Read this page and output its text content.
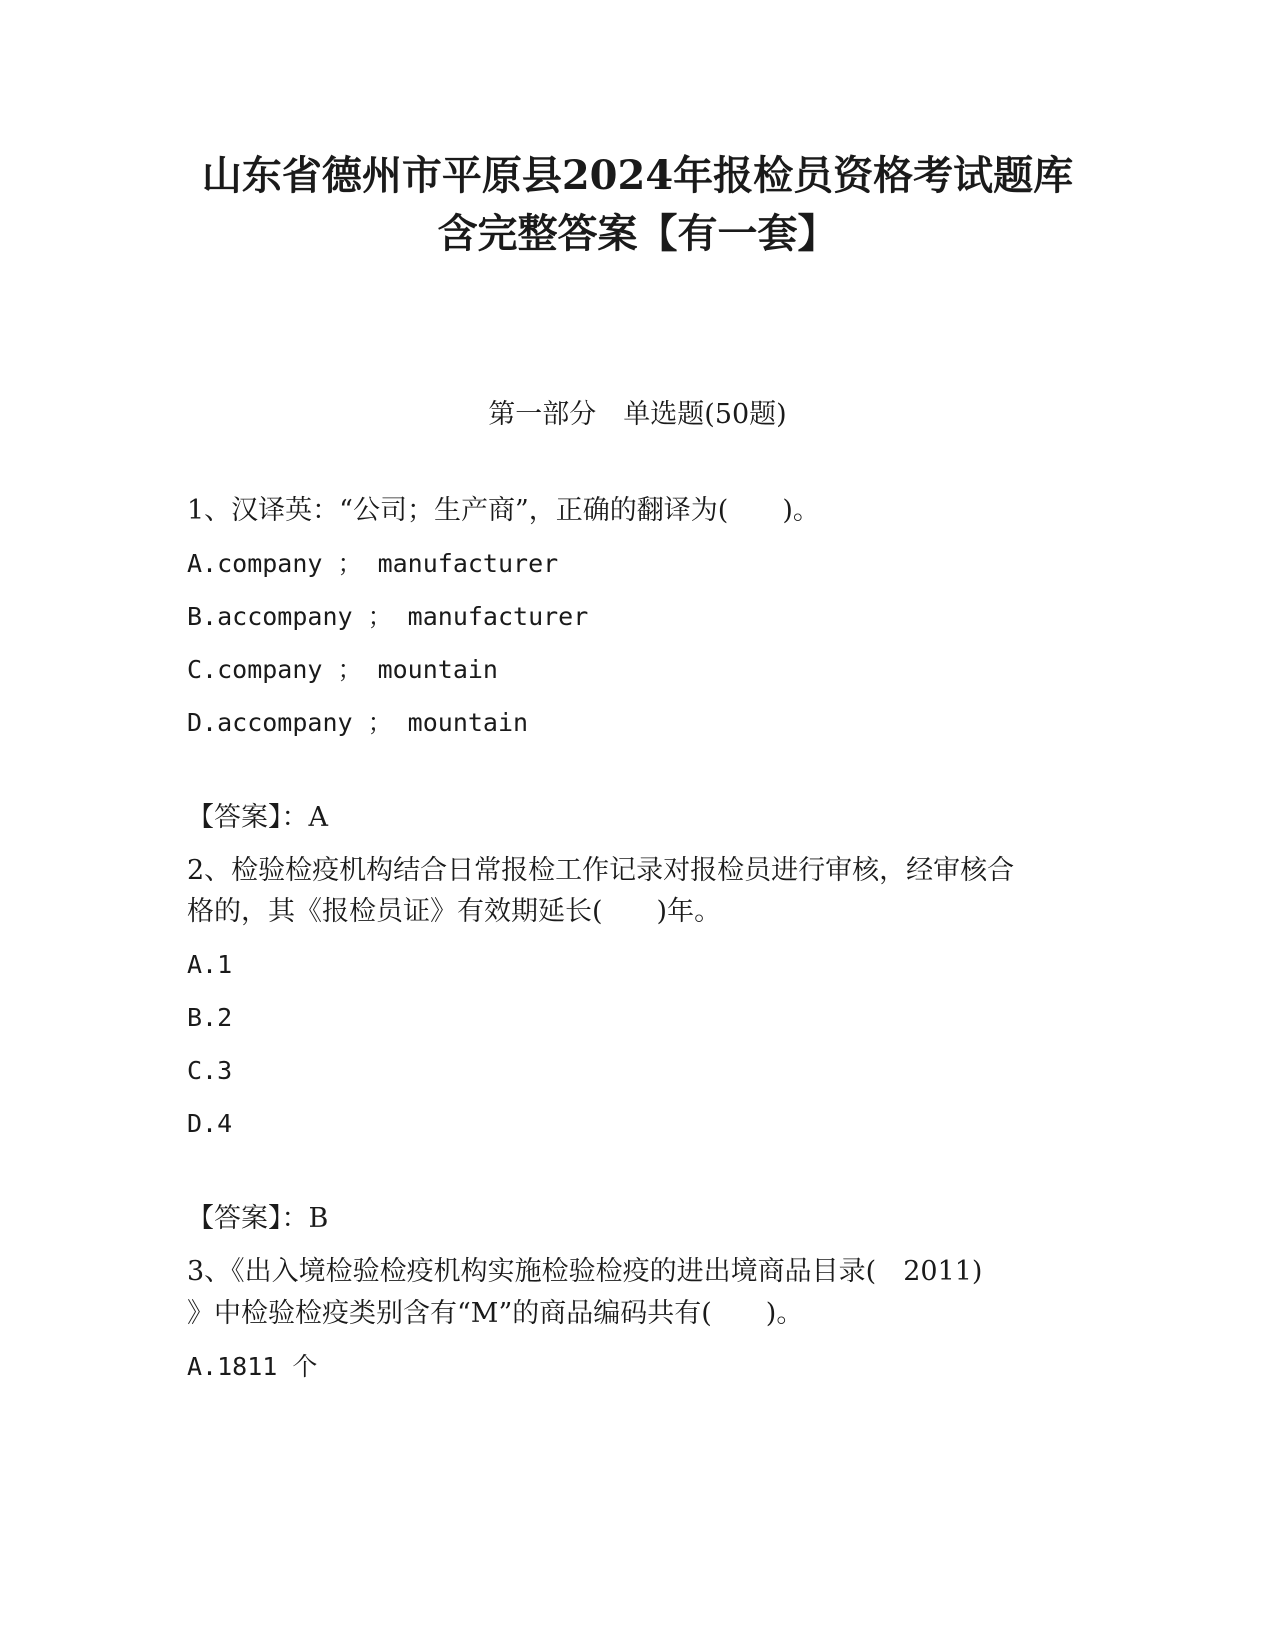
山东省德州市平原县2024年报检员资格考试题库
含完整答案【有一套】
第一部分　单选题(50题)
1、汉译英：“公司；生产商”，正确的翻译为(　　)。
A.company ； manufacturer
B.accompany ； manufacturer
C.company ； mountain
D.accompany ； mountain
【答案】：A
2、检验检疫机构结合日常报检工作记录对报检员进行审核，经审核合
格的，其《报检员证》有效期延长(　　)年。
A.1
B.2
C.3
D.4
【答案】：B
3、《出入境检验检疫机构实施检验检疫的进出境商品目录(　2011)
》中检验检疫类别含有“M”的商品编码共有(　　)。
A.1811 个
